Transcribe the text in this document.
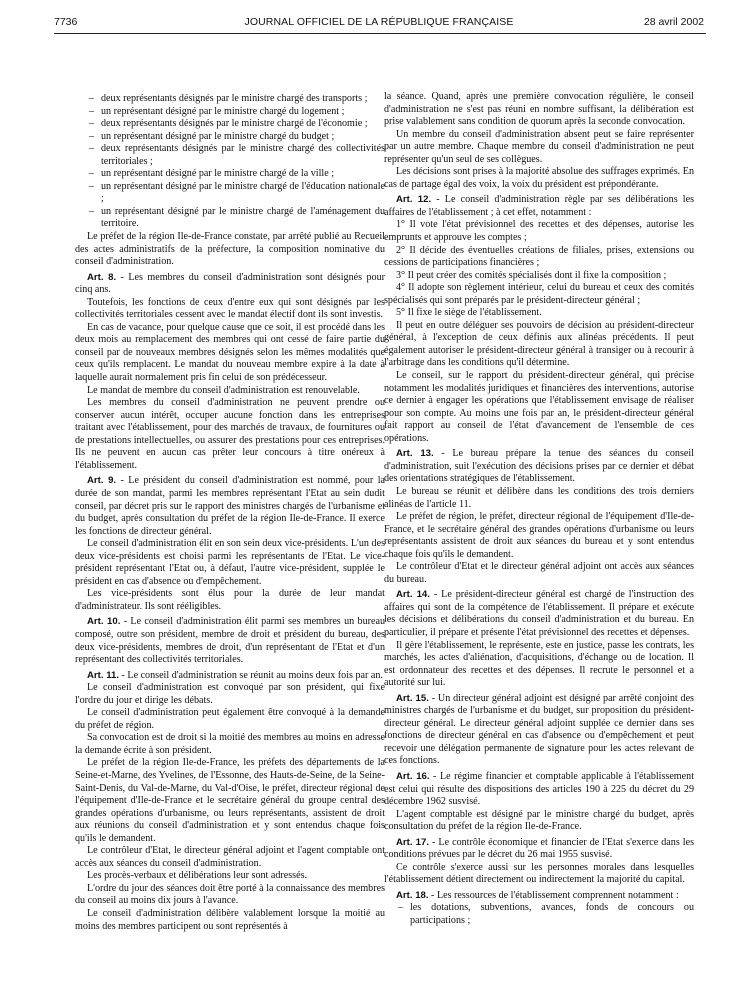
7736	JOURNAL OFFICIEL DE LA RÉPUBLIQUE FRANÇAISE	28 avril 2002
– deux représentants désignés par le ministre chargé des transports ;
– un représentant désigné par le ministre chargé du logement ;
– deux représentants désignés par le ministre chargé de l'économie ;
– un représentant désigné par le ministre chargé du budget ;
– deux représentants désignés par le ministre chargé des collectivités territoriales ;
– un représentant désigné par le ministre chargé de la ville ;
– un représentant désigné par le ministre chargé de l'éducation nationale ;
– un représentant désigné par le ministre chargé de l'aménagement du territoire.

Le préfet de la région Ile-de-France constate, par arrêté publié au Recueil des actes administratifs de la préfecture, la composition nominative du conseil d'administration.

Art. 8. - Les membres du conseil d'administration sont désignés pour cinq ans.

Toutefois, les fonctions de ceux d'entre eux qui sont désignés par les collectivités territoriales cessent avec le mandat électif dont ils sont investis.

En cas de vacance, pour quelque cause que ce soit, il est procédé dans les deux mois au remplacement des membres qui ont cessé de faire partie du conseil par de nouveaux membres désignés selon les mêmes modalités que ceux qu'ils remplacent. Le mandat du nouveau membre expire à la date à laquelle aurait normalement pris fin celui de son prédécesseur.

Le mandat de membre du conseil d'administration est renouvelable.

Les membres du conseil d'administration ne peuvent prendre ou conserver aucun intérêt, occuper aucune fonction dans les entreprises traitant avec l'établissement, pour des marchés de travaux, de fournitures ou de prestations intellectuelles, ou assurer des prestations pour ces entreprises. Ils ne peuvent en aucun cas prêter leur concours à titre onéreux à l'établissement.

Art. 9. - Le président du conseil d'administration est nommé, pour la durée de son mandat, parmi les membres représentant l'Etat au sein dudit conseil, par décret pris sur le rapport des ministres chargés de l'urbanisme et du budget, après consultation du préfet de la région Ile-de-France. Il exerce les fonctions de directeur général.

Le conseil d'administration élit en son sein deux vice-présidents. L'un des deux vice-présidents est choisi parmi les représentants de l'Etat. Le vice-président représentant l'Etat ou, à défaut, l'autre vice-président, supplée le président en cas d'absence ou d'empêchement.

Les vice-présidents sont élus pour la durée de leur mandat d'administrateur. Ils sont rééligibles.

Art. 10. - Le conseil d'administration élit parmi ses membres un bureau composé, outre son président, membre de droit et président du bureau, des deux vice-présidents, membres de droit, d'un représentant de l'Etat et d'un représentant des collectivités territoriales.

Art. 11. - Le conseil d'administration se réunit au moins deux fois par an.

Le conseil d'administration est convoqué par son président, qui fixe l'ordre du jour et dirige les débats.

Le conseil d'administration peut également être convoqué à la demande du préfet de région.

Sa convocation est de droit si la moitié des membres au moins en adresse la demande écrite à son président.

Le préfet de la région Ile-de-France, les préfets des départements de la Seine-et-Marne, des Yvelines, de l'Essonne, des Hauts-de-Seine, de la Seine-Saint-Denis, du Val-de-Marne, du Val-d'Oise, le préfet, directeur régional de l'équipement d'Ile-de-France et le secrétaire général du groupe central des grandes opérations d'urbanisme, ou leurs représentants, assistent de droit aux réunions du conseil d'administration et y sont entendus chaque fois qu'ils le demandent.

Le contrôleur d'Etat, le directeur général adjoint et l'agent comptable ont accès aux séances du conseil d'administration.

Les procès-verbaux et délibérations leur sont adressés.

L'ordre du jour des séances doit être porté à la connaissance des membres du conseil au moins dix jours à l'avance.

Le conseil d'administration délibère valablement lorsque la moitié au moins des membres participent ou sont représentés à

la séance. Quand, après une première convocation régulière, le conseil d'administration ne s'est pas réuni en nombre suffisant, la délibération est prise valablement sans condition de quorum après la seconde convocation.

Un membre du conseil d'administration absent peut se faire représenter par un autre membre. Chaque membre du conseil d'administration ne peut représenter qu'un seul de ses collègues.

Les décisions sont prises à la majorité absolue des suffrages exprimés. En cas de partage égal des voix, la voix du président est prépondérante.

Art. 12. - Le conseil d'administration règle par ses délibérations les affaires de l'établissement ; à cet effet, notamment :

1° Il vote l'état prévisionnel des recettes et des dépenses, autorise les emprunts et approuve les comptes ;

2° Il décide des éventuelles créations de filiales, prises, extensions ou cessions de participations financières ;

3° Il peut créer des comités spécialisés dont il fixe la composition ;

4° Il adopte son règlement intérieur, celui du bureau et ceux des comités spécialisés qui sont préparés par le président-directeur général ;

5° Il fixe le siège de l'établissement.

Il peut en outre déléguer ses pouvoirs de décision au président-directeur général, à l'exception de ceux définis aux alinéas précédents. Il peut également autoriser le président-directeur général à transiger ou à recourir à l'arbitrage dans les conditions qu'il détermine.

Le conseil, sur le rapport du président-directeur général, qui précise notamment les modalités juridiques et financières des interventions, autorise ce dernier à engager les opérations que l'établissement envisage de réaliser pour son compte. Au moins une fois par an, le président-directeur général fait rapport au conseil de l'état d'avancement de l'ensemble de ces opérations.

Art. 13. - Le bureau prépare la tenue des séances du conseil d'administration, suit l'exécution des décisions prises par ce dernier et débat des orientations stratégiques de l'établissement.

Le bureau se réunit et délibère dans les conditions des trois derniers alinéas de l'article 11.

Le préfet de région, le préfet, directeur régional de l'équipement d'Ile-de-France, et le secrétaire général des grandes opérations d'urbanisme ou leurs représentants assistent de droit aux séances du bureau et y sont entendus chaque fois qu'ils le demandent.

Le contrôleur d'Etat et le directeur général adjoint ont accès aux séances du bureau.

Art. 14. - Le président-directeur général est chargé de l'instruction des affaires qui sont de la compétence de l'établissement. Il prépare et exécute les décisions et délibérations du conseil d'administration et du bureau. En particulier, il prépare et présente l'état prévisionnel des recettes et dépenses.

Il gère l'établissement, le représente, este en justice, passe les contrats, les marchés, les actes d'aliénation, d'acquisitions, d'échange ou de location. Il est ordonnateur des recettes et des dépenses. Il recrute le personnel et a autorité sur lui.

Art. 15. - Un directeur général adjoint est désigné par arrêté conjoint des ministres chargés de l'urbanisme et du budget, sur proposition du président-directeur général. Le directeur général adjoint supplée ce dernier dans ses fonctions de directeur général en cas d'absence ou d'empêchement et peut recevoir une délégation permanente de signature pour les actes relevant de ces fonctions.

Art. 16. - Le régime financier et comptable applicable à l'établissement est celui qui résulte des dispositions des articles 190 à 225 du décret du 29 décembre 1962 susvisé.

L'agent comptable est désigné par le ministre chargé du budget, après consultation du préfet de la région Ile-de-France.

Art. 17. - Le contrôle économique et financier de l'Etat s'exerce dans les conditions prévues par le décret du 26 mai 1955 susvisé.

Ce contrôle s'exerce aussi sur les personnes morales dans lesquelles l'établissement détient directement ou indirectement la majorité du capital.

Art. 18. - Les ressources de l'établissement comprennent notamment :

– les dotations, subventions, avances, fonds de concours ou participations ;
